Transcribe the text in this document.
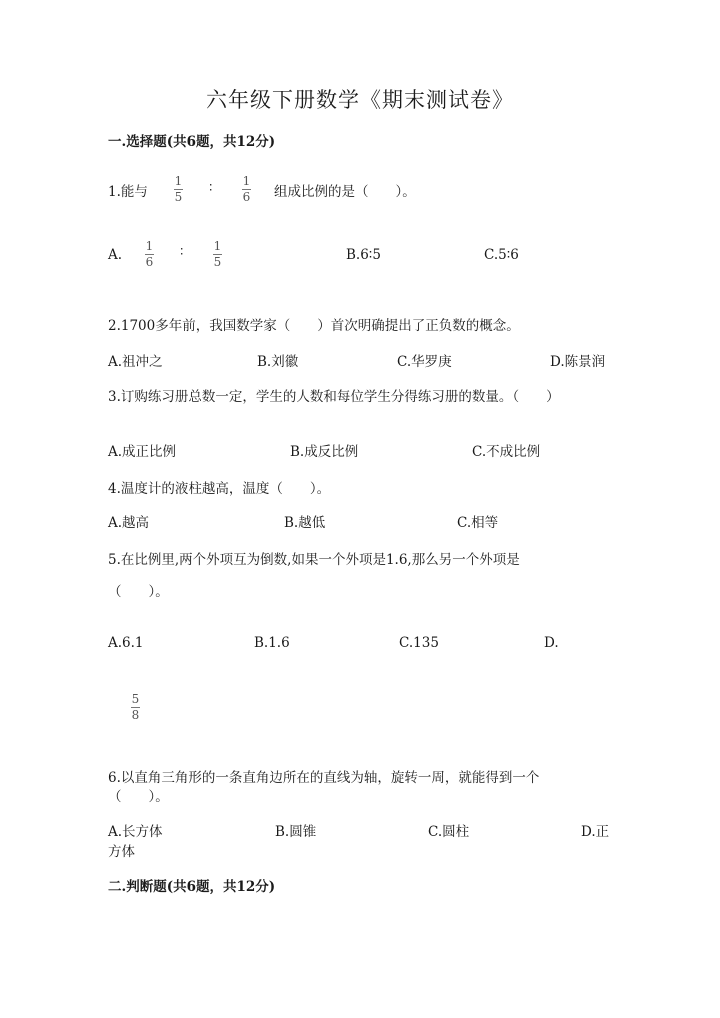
六年级下册数学《期末测试卷》
一.选择题(共6题，共12分)
1.能与
1
5
∶	1
6 组成比例的是（　　）。
A.
1
6
∶	1
5	B.6∶5	C.5∶6
2.1700多年前，我国数学家（　　）首次明确提出了正负数的概念。
A.祖冲之	B.刘徽	C.华罗庚	D.陈景润
3.订购练习册总数一定，学生的人数和每位学生分得练习册的数量。（　　）
A.成正比例	B.成反比例	C.不成比例
4.温度计的液柱越高，温度（　　）。
A.越高	B.越低	C.相等
5.在比例里,两个外项互为倒数,如果一个外项是1.6,那么另一个外项是
（　　）。
A.6.1	B.1.6	C.135	D.
5
8
6.以直角三角形的一条直角边所在的直线为轴，旋转一周，就能得到一个
（　　）。
A.长方体	B.圆锥	C.圆柱	D.正
方体
二.判断题(共6题，共12分)
